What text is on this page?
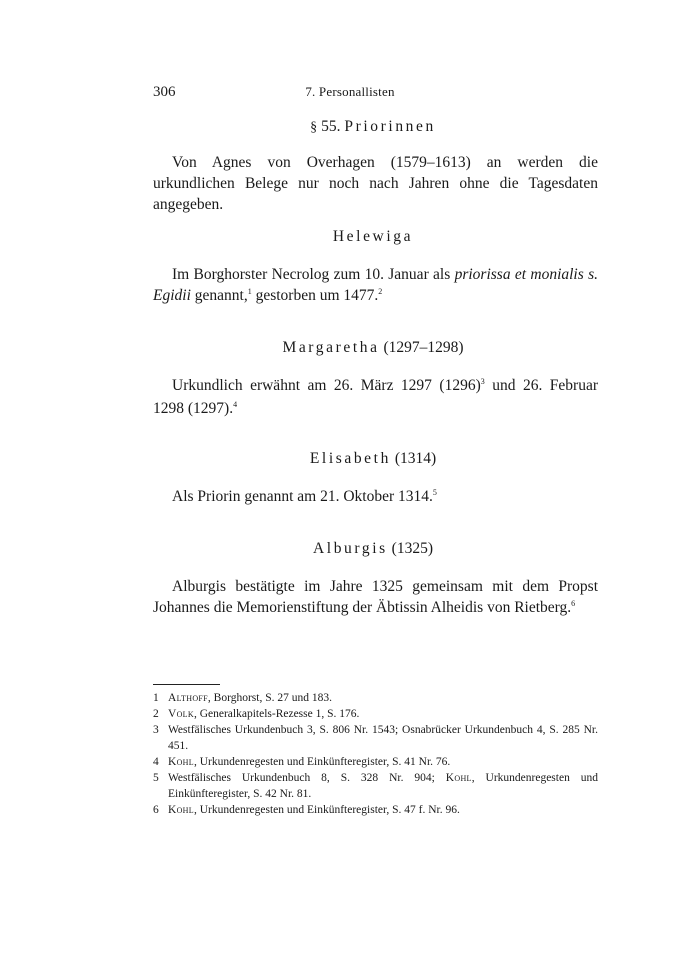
306	7. Personallisten
§ 55. Priorinnen

Von Agnes von Overhagen (1579–1613) an werden die urkundlichen Belege nur noch nach Jahren ohne die Tagesdaten angegeben.

Helewiga

Im Borghorster Necrolog zum 10. Januar als priorissa et monialis s. Egidii genannt,$^1$ gestorben um 1477.$^2$

Margaretha (1297–1298)

Urkundlich erwähnt am 26. März 1297 $(1296)^3$ und 26. Februar 1298 (1297).$^4$

Elisabeth (1314)

Als Priorin genannt am 21. Oktober 1314.$^5$

Alburgis (1325)

Alburgis bestätigte im Jahre 1325 gemeinsam mit dem Propst Johannes die Memorienstiftung der Äbtissin Alheidis von Rietberg.$^6$

1 Althoff, Borghorst, S. 27 und 183.
2 Volk, Generalkapitels-Rezesse 1, S. 176.
3 Westfälisches Urkundenbuch 3, S. 806 Nr. 1543; Osnabrücker Urkundenbuch 4, S. 285 Nr. 451.
4 Kohl, Urkundenregesten und Einkünfteregister, S. 41 Nr. 76.
5 Westfälisches Urkundenbuch 8, S. 328 Nr. 904; Kohl, Urkundenregesten und Einkünfteregister, S. 42 Nr. 81.
6 Kohl, Urkundenregesten und Einkünfteregister, S. 47 f. Nr. 96.
